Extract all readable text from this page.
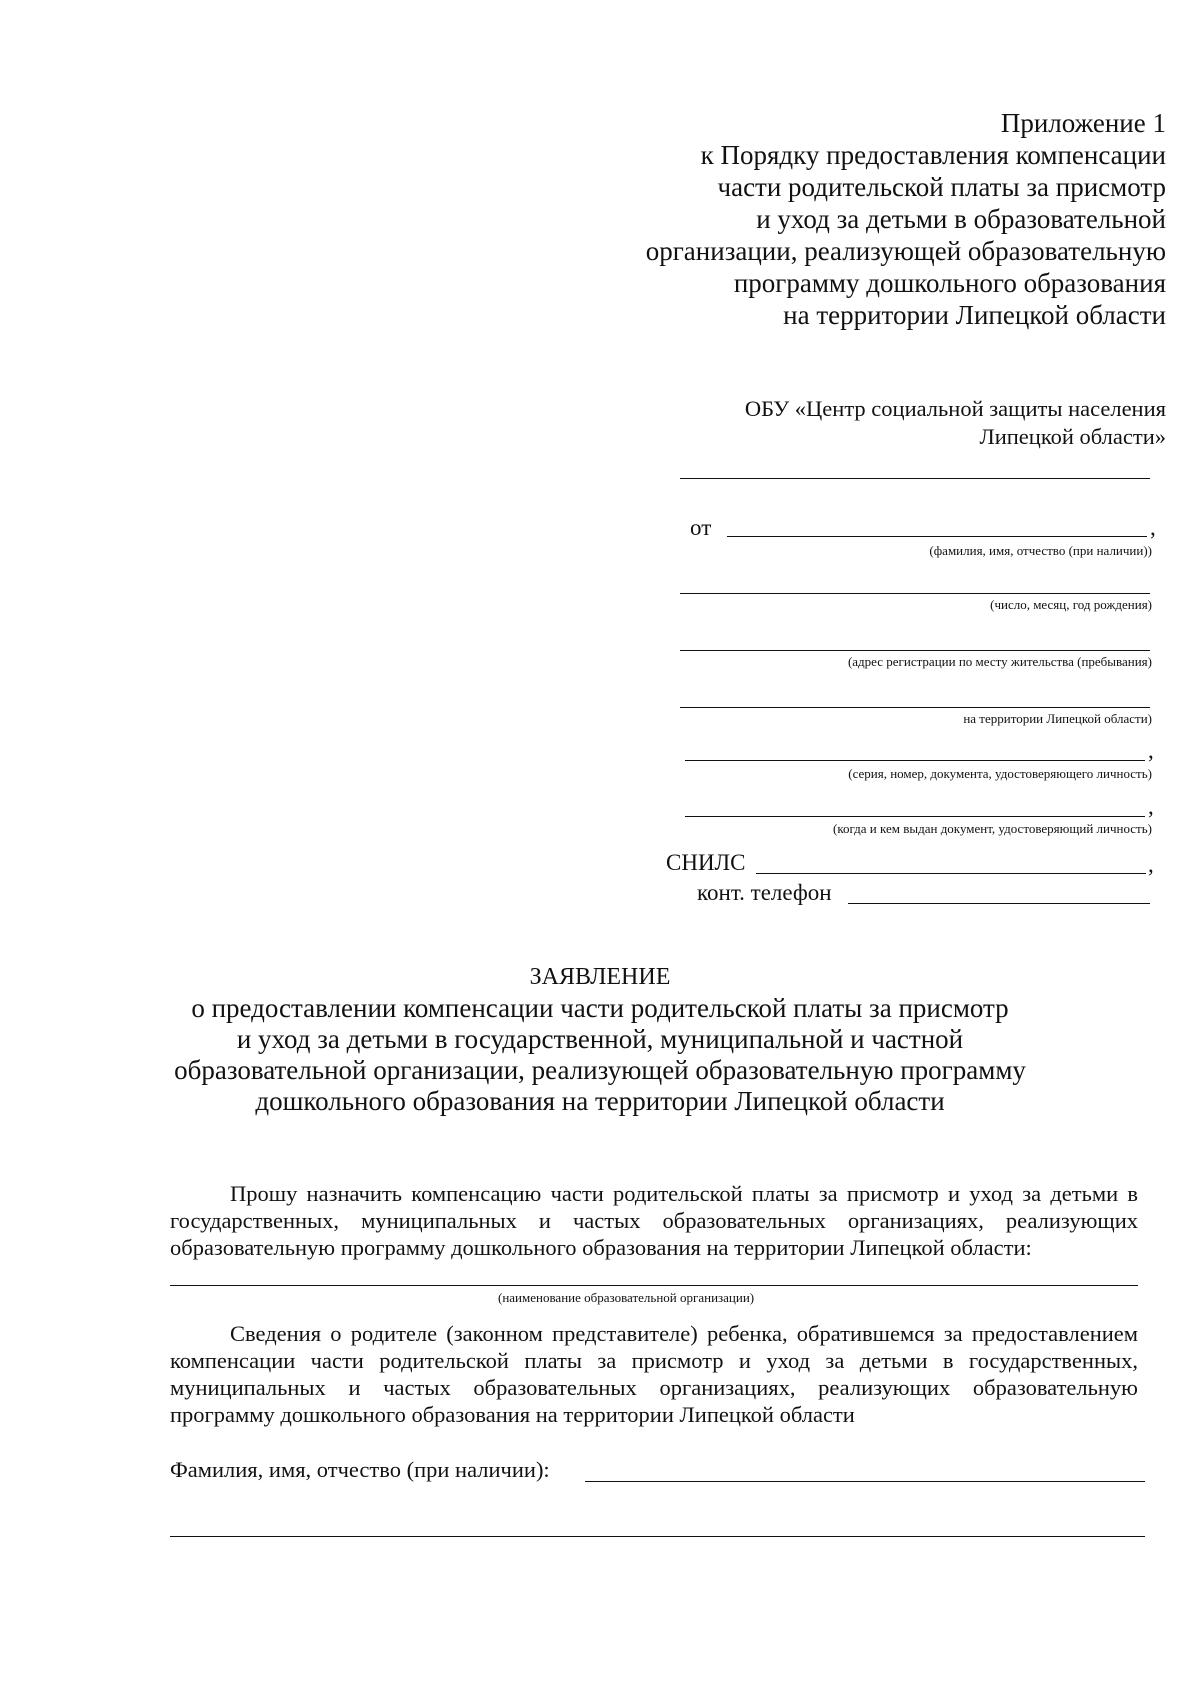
Приложение 1
к Порядку предоставления компенсации
части родительской платы за присмотр
и уход за детьми в образовательной
организации, реализующей образовательную
программу дошкольного образования
на территории Липецкой области
ОБУ «Центр социальной защиты населения
Липецкой области»
от	,
(фамилия, имя, отчество (при наличии))
(число, месяц, год рождения)
(адрес регистрации по месту жительства (пребывания)
на территории Липецкой области)
,
(серия, номер, документа, удостоверяющего личность)
,
(когда и кем выдан документ, удостоверяющий личность)
СНИЛС	,
конт. телефон
ЗАЯВЛЕНИЕ
о предоставлении компенсации части родительской платы за присмотр
и уход за детьми в государственной, муниципальной и частной
образовательной организации, реализующей образовательную программу
дошкольного образования на территории Липецкой области
Прошу назначить компенсацию части родительской платы за присмотр и уход за детьми в государственных, муниципальных и частых образовательных организациях, реализующих образовательную программу дошкольного образования на территории Липецкой области:
(наименование образовательной организации)
Сведения о родителе (законном представителе) ребенка, обратившемся за предоставлением компенсации части родительской платы за присмотр и уход за детьми в государственных, муниципальных и частых образовательных организациях, реализующих образовательную программу дошкольного образования на территории Липецкой области
Фамилия, имя, отчество (при наличии):
